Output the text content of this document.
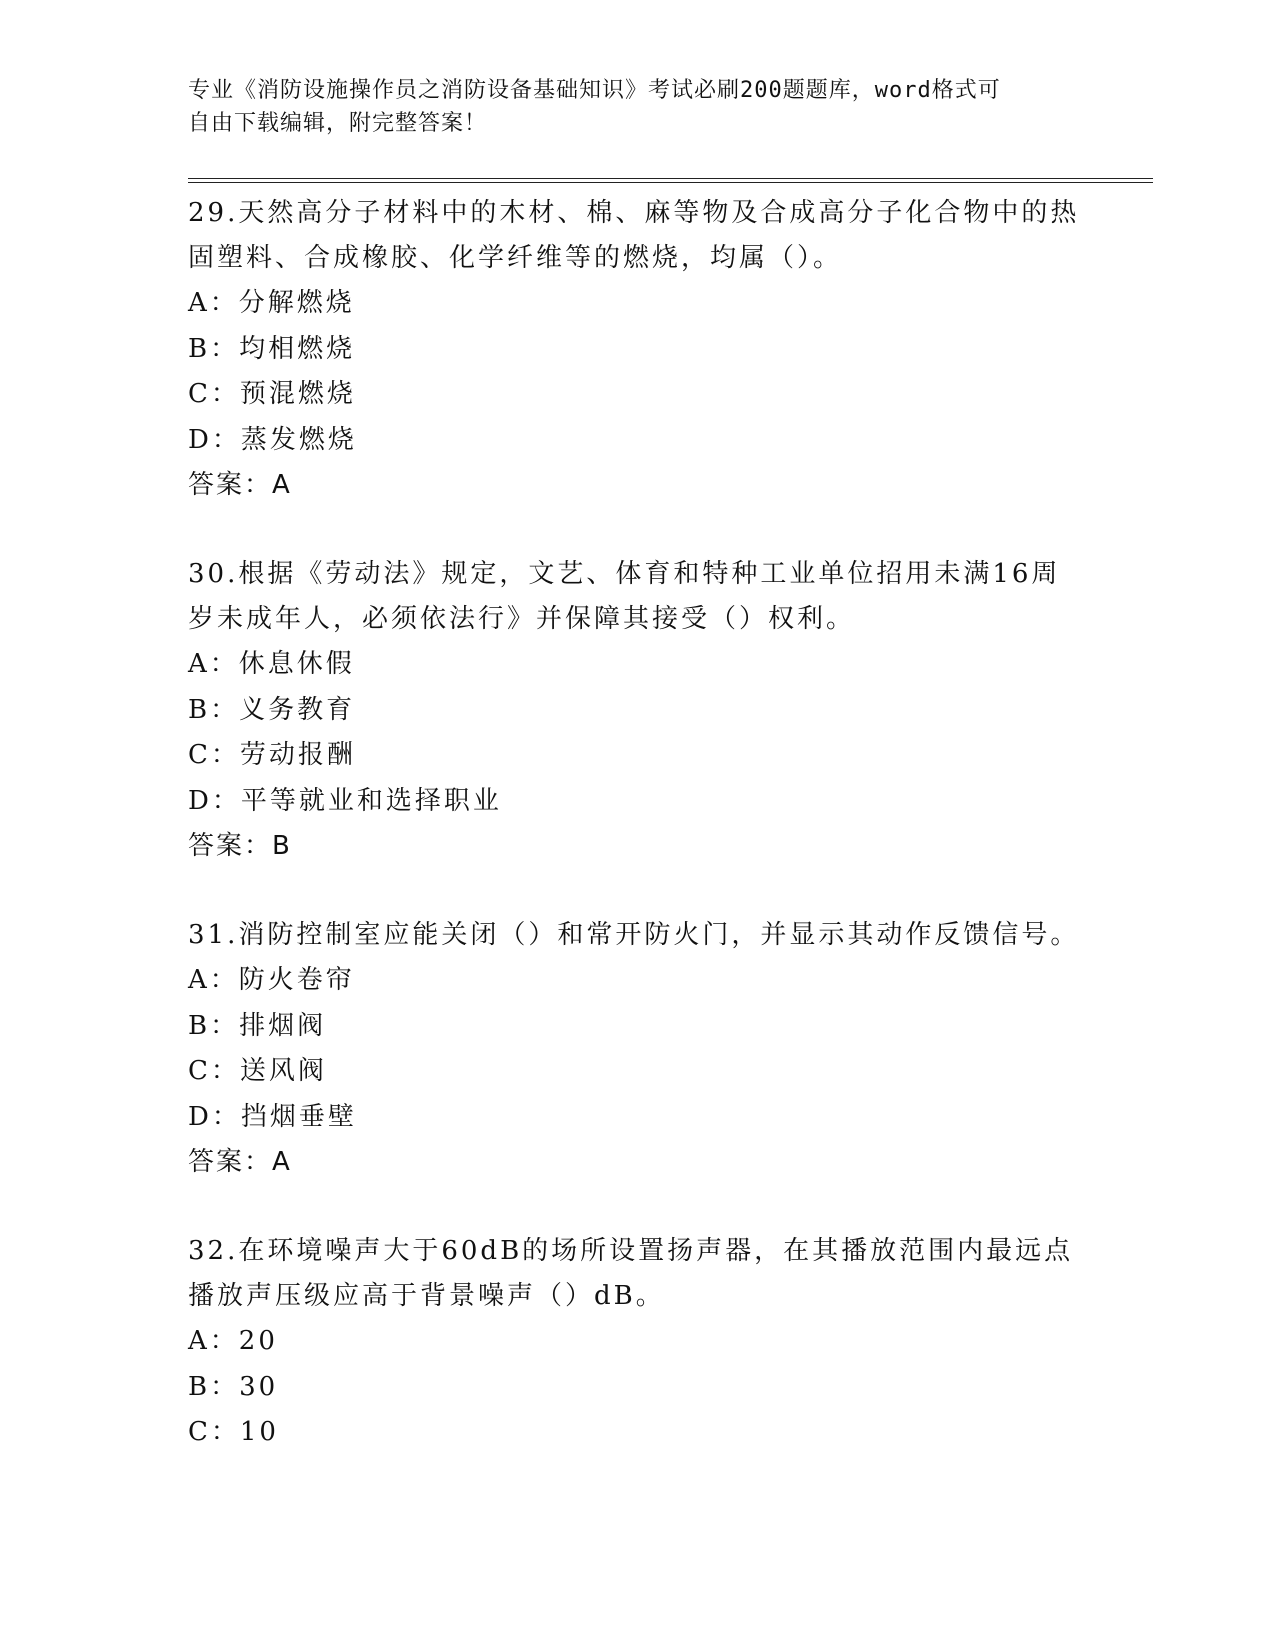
专业《消防设施操作员之消防设备基础知识》考试必刷200题题库，word格式可
自由下载编辑，附完整答案！

29.天然高分子材料中的木材、棉、麻等物及合成高分子化合物中的热固塑料、合成橡胶、化学纤维等的燃烧，均属（）。

A：分解燃烧

B：均相燃烧

C：预混燃烧

D：蒸发燃烧

答案：A

30.根据《劳动法》规定，文艺、体育和特种工业单位招用未满16周岁未成年人，必须依法行》并保障其接受（）权利。

A：休息休假

B：义务教育

C：劳动报酬

D：平等就业和选择职业

答案：B

31.消防控制室应能关闭（）和常开防火门，并显示其动作反馈信号。

A：防火卷帘

B：排烟阀

C：送风阀

D：挡烟垂壁

答案：A

32.在环境噪声大于60dB的场所设置扬声器，在其播放范围内最远点播放声压级应高于背景噪声（）dB。

A：20

B：30

C：10
